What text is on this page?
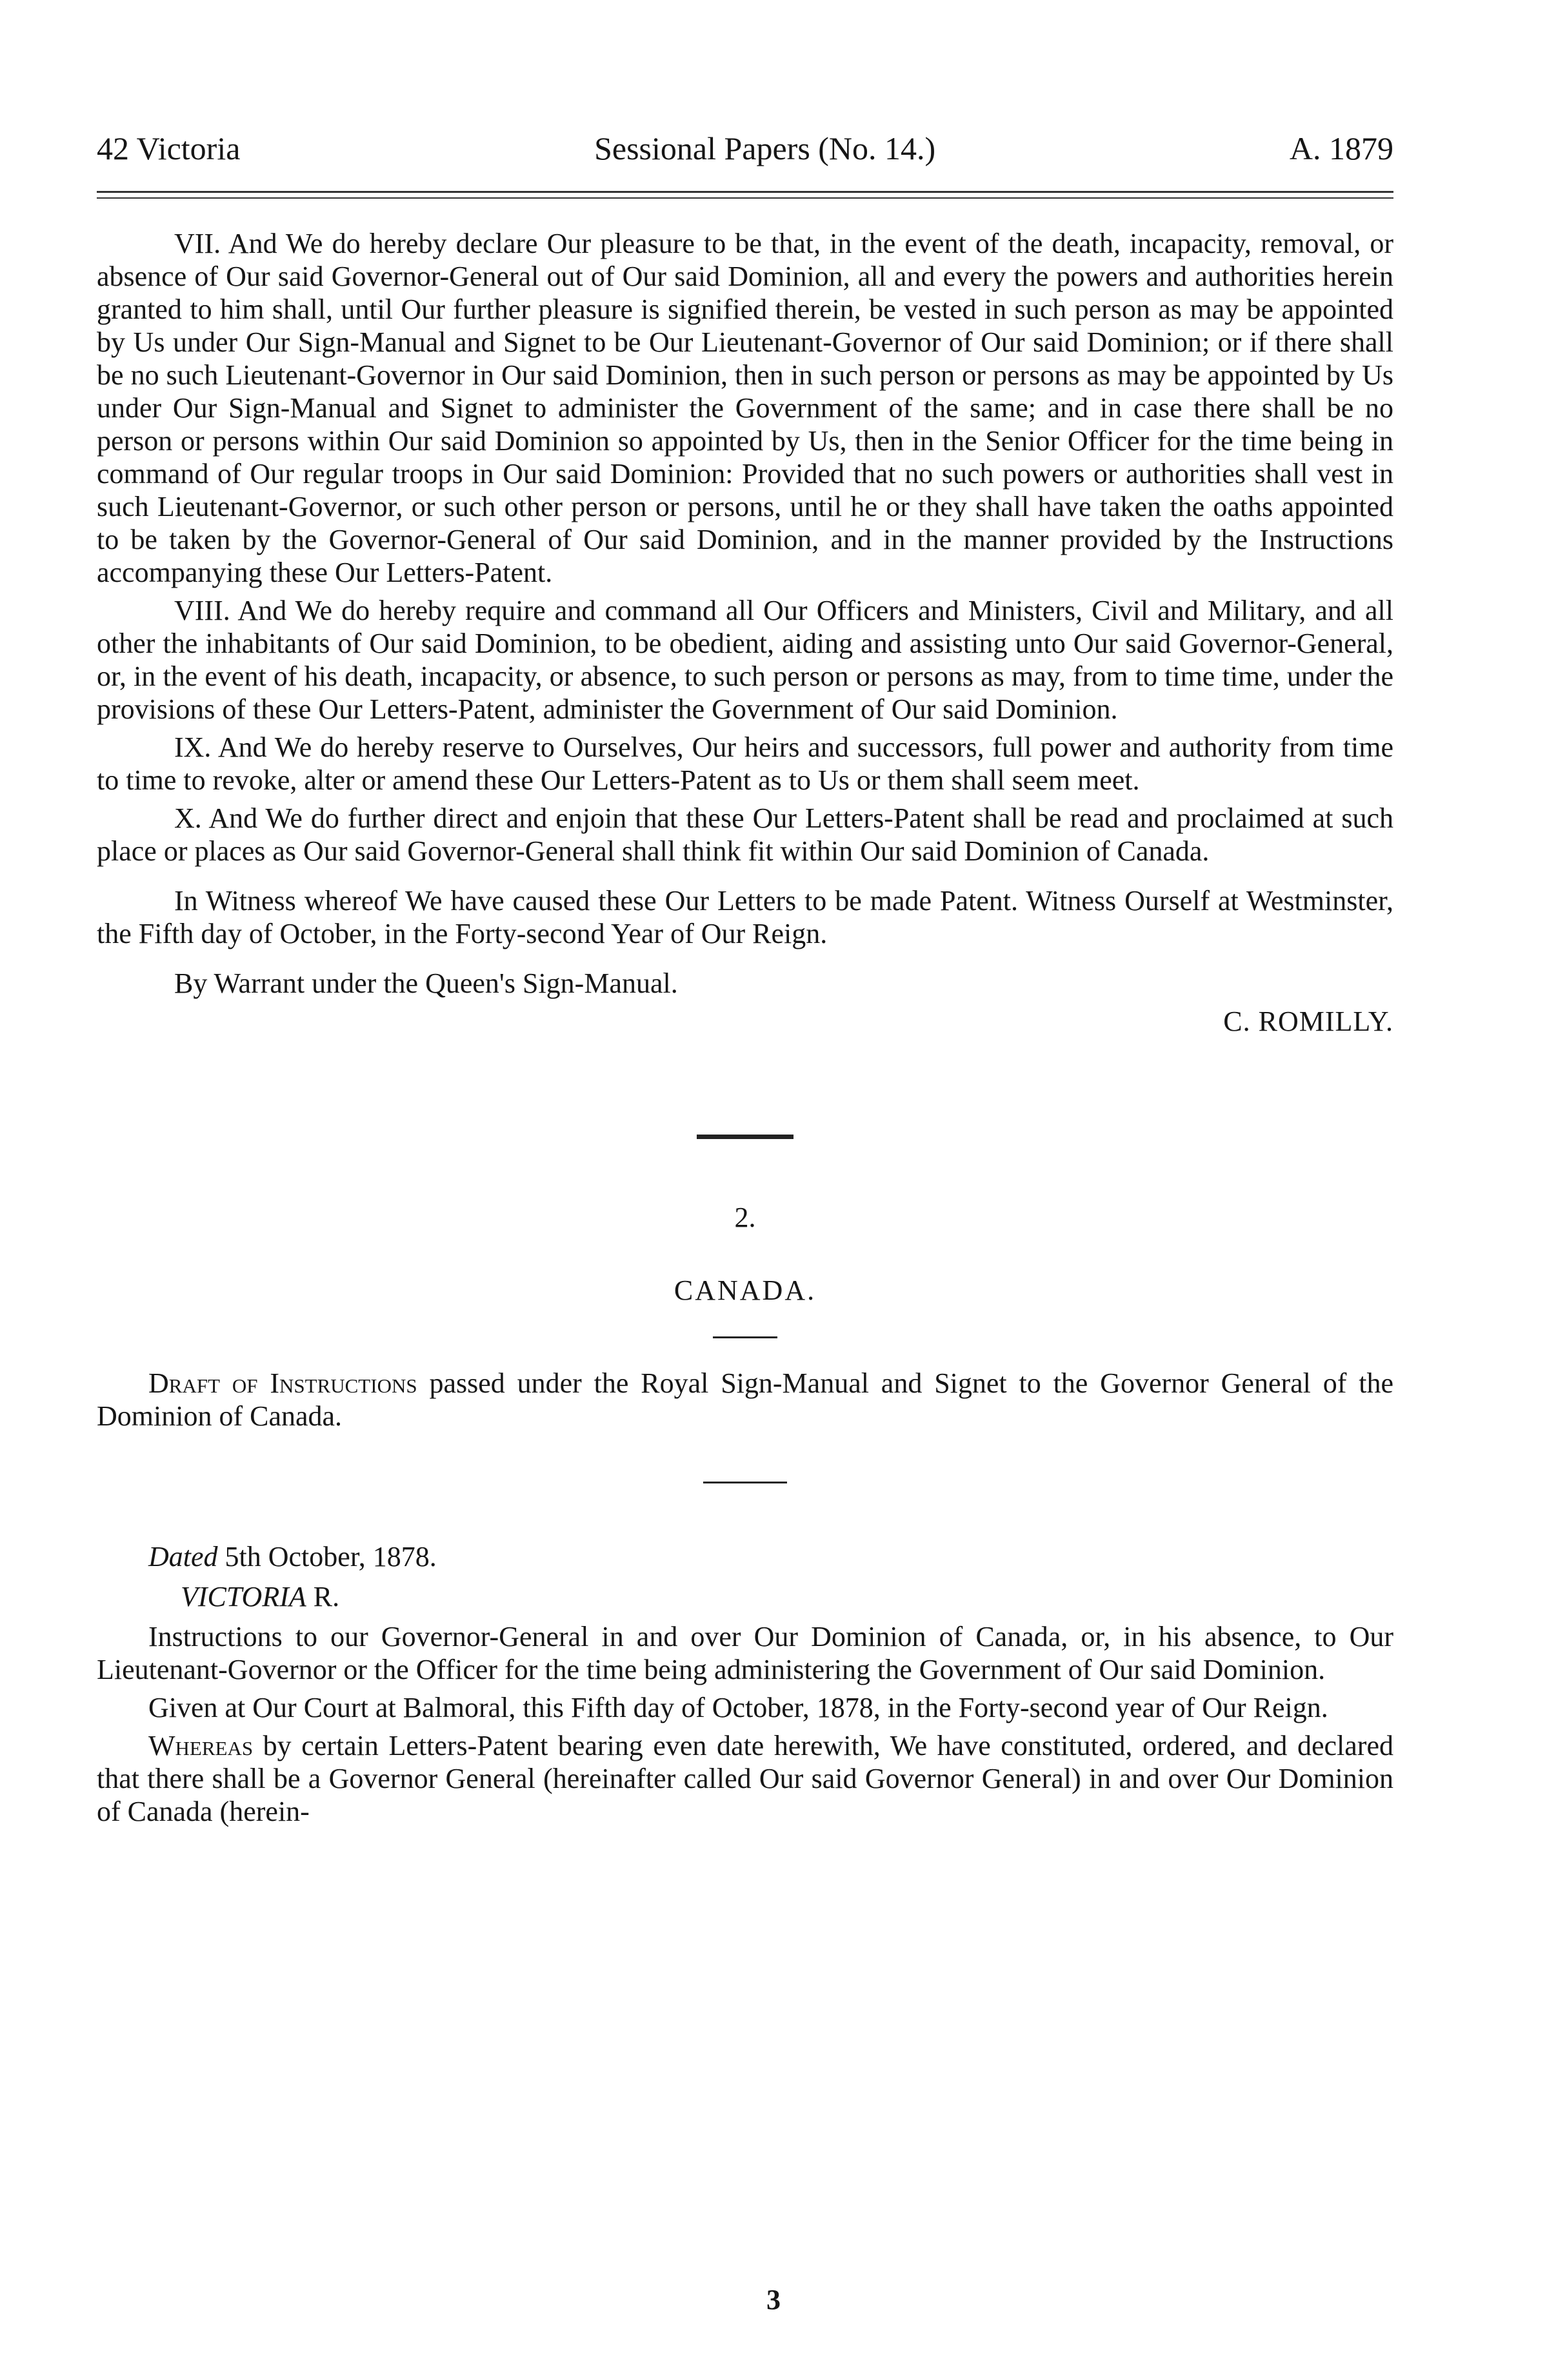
42 Victoria	Sessional Papers (No. 14.)	A. 1879

VII. And We do hereby declare Our pleasure to be that, in the event of the death, incapacity, removal, or absence of Our said Governor-General out of Our said Dominion, all and every the powers and authorities herein granted to him shall, until Our further pleasure is signified therein, be vested in such person as may be appointed by Us under Our Sign-Manual and Signet to be Our Lieutenant-Governor of Our said Dominion; or if there shall be no such Lieutenant-Governor in Our said Dominion, then in such person or persons as may be appointed by Us under Our Sign-Manual and Signet to administer the Government of the same; and in case there shall be no person or persons within Our said Dominion so appointed by Us, then in the Senior Officer for the time being in command of Our regular troops in Our said Dominion: Provided that no such powers or authorities shall vest in such Lieutenant-Governor, or such other person or persons, until he or they shall have taken the oaths appointed to be taken by the Governor-General of Our said Dominion, and in the manner provided by the Instructions accompanying these Our Letters-Patent.

VIII. And We do hereby require and command all Our Officers and Ministers, Civil and Military, and all other the inhabitants of Our said Dominion, to be obedient, aiding and assisting unto Our said Governor-General, or, in the event of his death, incapacity, or absence, to such person or persons as may, from to time time, under the provisions of these Our Letters-Patent, administer the Government of Our said Dominion.

IX. And We do hereby reserve to Ourselves, Our heirs and successors, full power and authority from time to time to revoke, alter or amend these Our Letters-Patent as to Us or them shall seem meet.

X. And We do further direct and enjoin that these Our Letters-Patent shall be read and proclaimed at such place or places as Our said Governor-General shall think fit within Our said Dominion of Canada.

In Witness whereof We have caused these Our Letters to be made Patent. Witness Ourself at Westminster, the Fifth day of October, in the Forty-second Year of Our Reign.

By Warrant under the Queen's Sign-Manual.

C. ROMILLY.
2.
CANADA.
Draft of Instructions passed under the Royal Sign-Manual and Signet to the Governor General of the Dominion of Canada.
Dated 5th October, 1878.
VICTORIA R.

Instructions to our Governor-General in and over Our Dominion of Canada, or, in his absence, to Our Lieutenant-Governor or the Officer for the time being administering the Government of Our said Dominion.

Given at Our Court at Balmoral, this Fifth day of October, 1878, in the Forty-second year of Our Reign.

Whereas by certain Letters-Patent bearing even date herewith, We have constituted, ordered, and declared that there shall be a Governor General (hereinafter called Our said Governor General) in and over Our Dominion of Canada (herein-

3
